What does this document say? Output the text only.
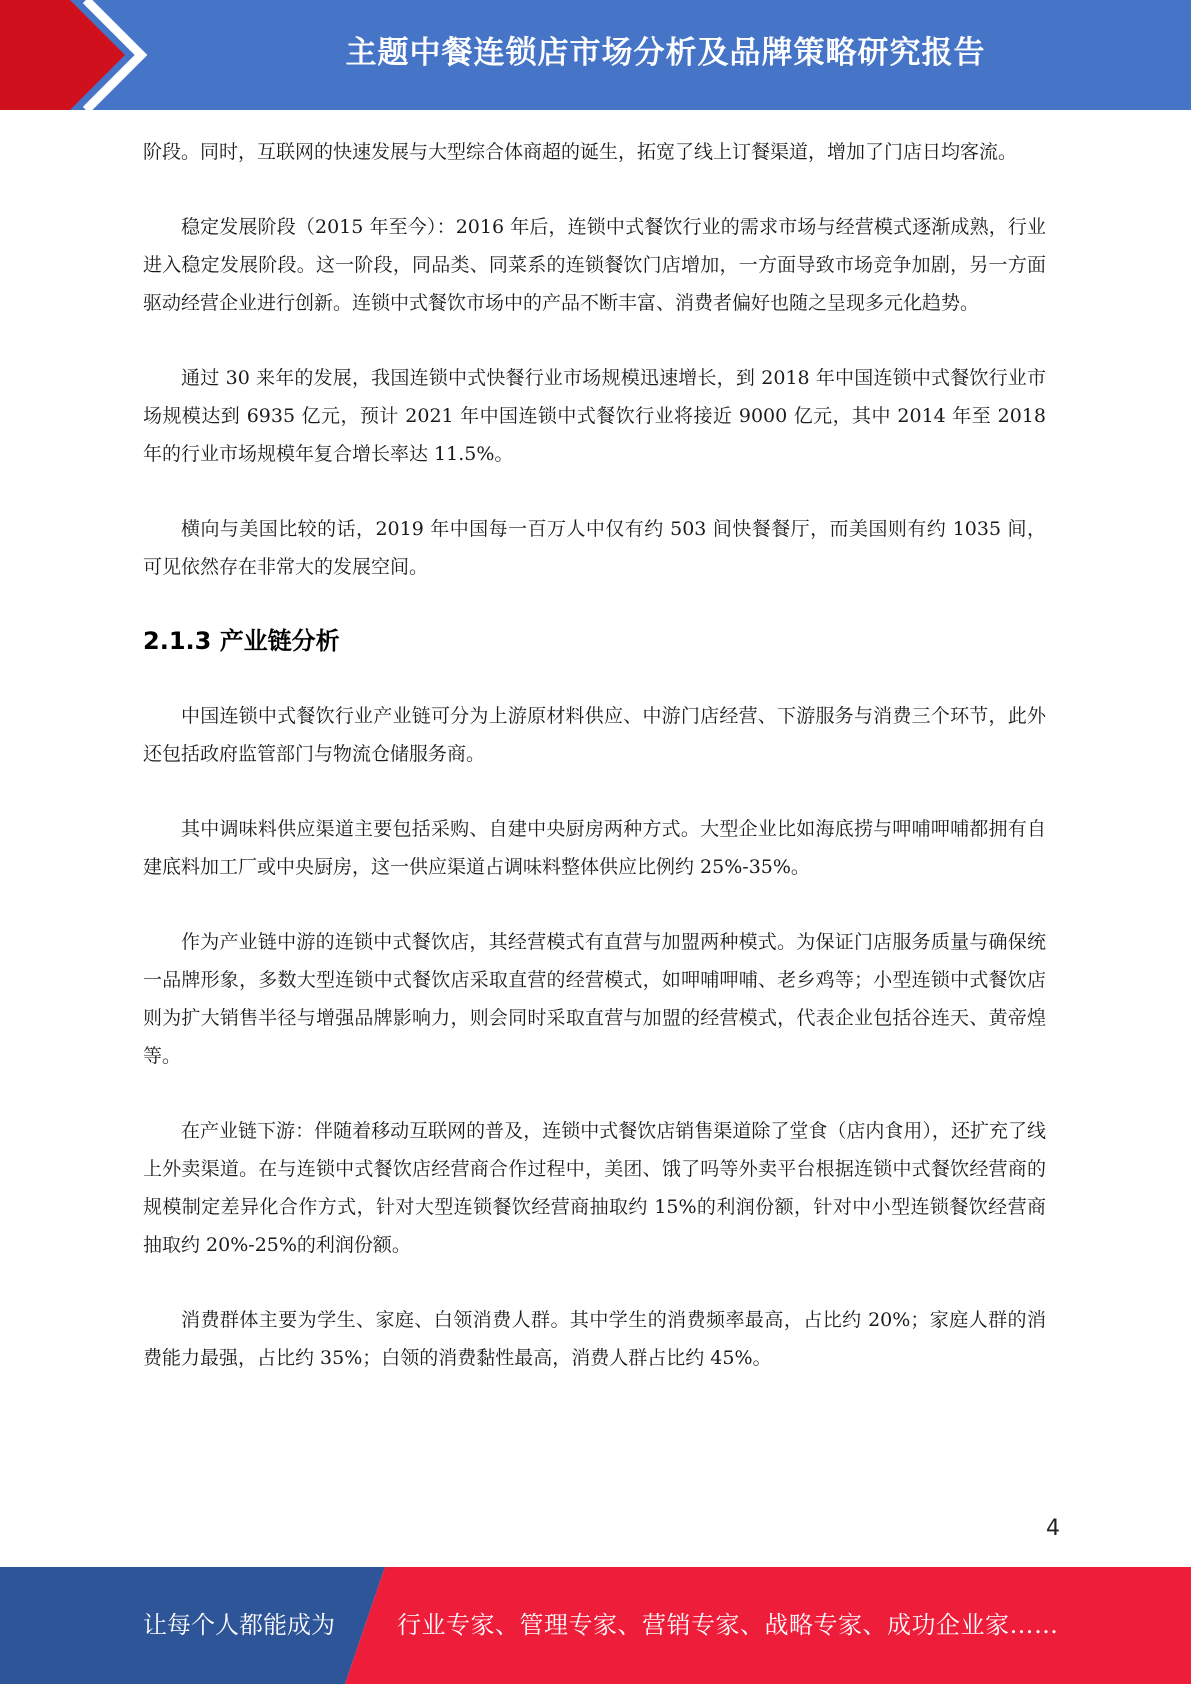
主题中餐连锁店市场分析及品牌策略研究报告

阶段。同时，互联网的快速发展与大型综合体商超的诞生，拓宽了线上订餐渠道，增加了门店日均客流。

稳定发展阶段（2015 年至今）：2016 年后，连锁中式餐饮行业的需求市场与经营模式逐渐成熟，行业进入稳定发展阶段。这一阶段，同品类、同菜系的连锁餐饮门店增加，一方面导致市场竞争加剧，另一方面驱动经营企业进行创新。连锁中式餐饮市场中的产品不断丰富、消费者偏好也随之呈现多元化趋势。

通过 30 来年的发展，我国连锁中式快餐行业市场规模迅速增长，到 2018 年中国连锁中式餐饮行业市场规模达到 6935 亿元，预计 2021 年中国连锁中式餐饮行业将接近 9000 亿元，其中 2014 年至 2018 年的行业市场规模年复合增长率达 11.5%。

横向与美国比较的话，2019 年中国每一百万人中仅有约 503 间快餐餐厅，而美国则有约 1035 间，可见依然存在非常大的发展空间。

2.1.3 产业链分析

中国连锁中式餐饮行业产业链可分为上游原材料供应、中游门店经营、下游服务与消费三个环节，此外还包括政府监管部门与物流仓储服务商。

其中调味料供应渠道主要包括采购、自建中央厨房两种方式。大型企业比如海底捞与呷哺呷哺都拥有自建底料加工厂或中央厨房，这一供应渠道占调味料整体供应比例约 25%-35%。

作为产业链中游的连锁中式餐饮店，其经营模式有直营与加盟两种模式。为保证门店服务质量与确保统一品牌形象，多数大型连锁中式餐饮店采取直营的经营模式，如呷哺呷哺、老乡鸡等；小型连锁中式餐饮店则为扩大销售半径与增强品牌影响力，则会同时采取直营与加盟的经营模式，代表企业包括谷连天、黄帝煌等。

在产业链下游：伴随着移动互联网的普及，连锁中式餐饮店销售渠道除了堂食（店内食用），还扩充了线上外卖渠道。在与连锁中式餐饮店经营商合作过程中，美团、饿了吗等外卖平台根据连锁中式餐饮经营商的规模制定差异化合作方式，针对大型连锁餐饮经营商抽取约 15%的利润份额，针对中小型连锁餐饮经营商抽取约 20%-25%的利润份额。

消费群体主要为学生、家庭、白领消费人群。其中学生的消费频率最高，占比约 20%；家庭人群的消费能力最强，占比约 35%；白领的消费黏性最高，消费人群占比约 45%。

4
让每个人都能成为	行业专家、管理专家、营销专家、战略专家、成功企业家……
